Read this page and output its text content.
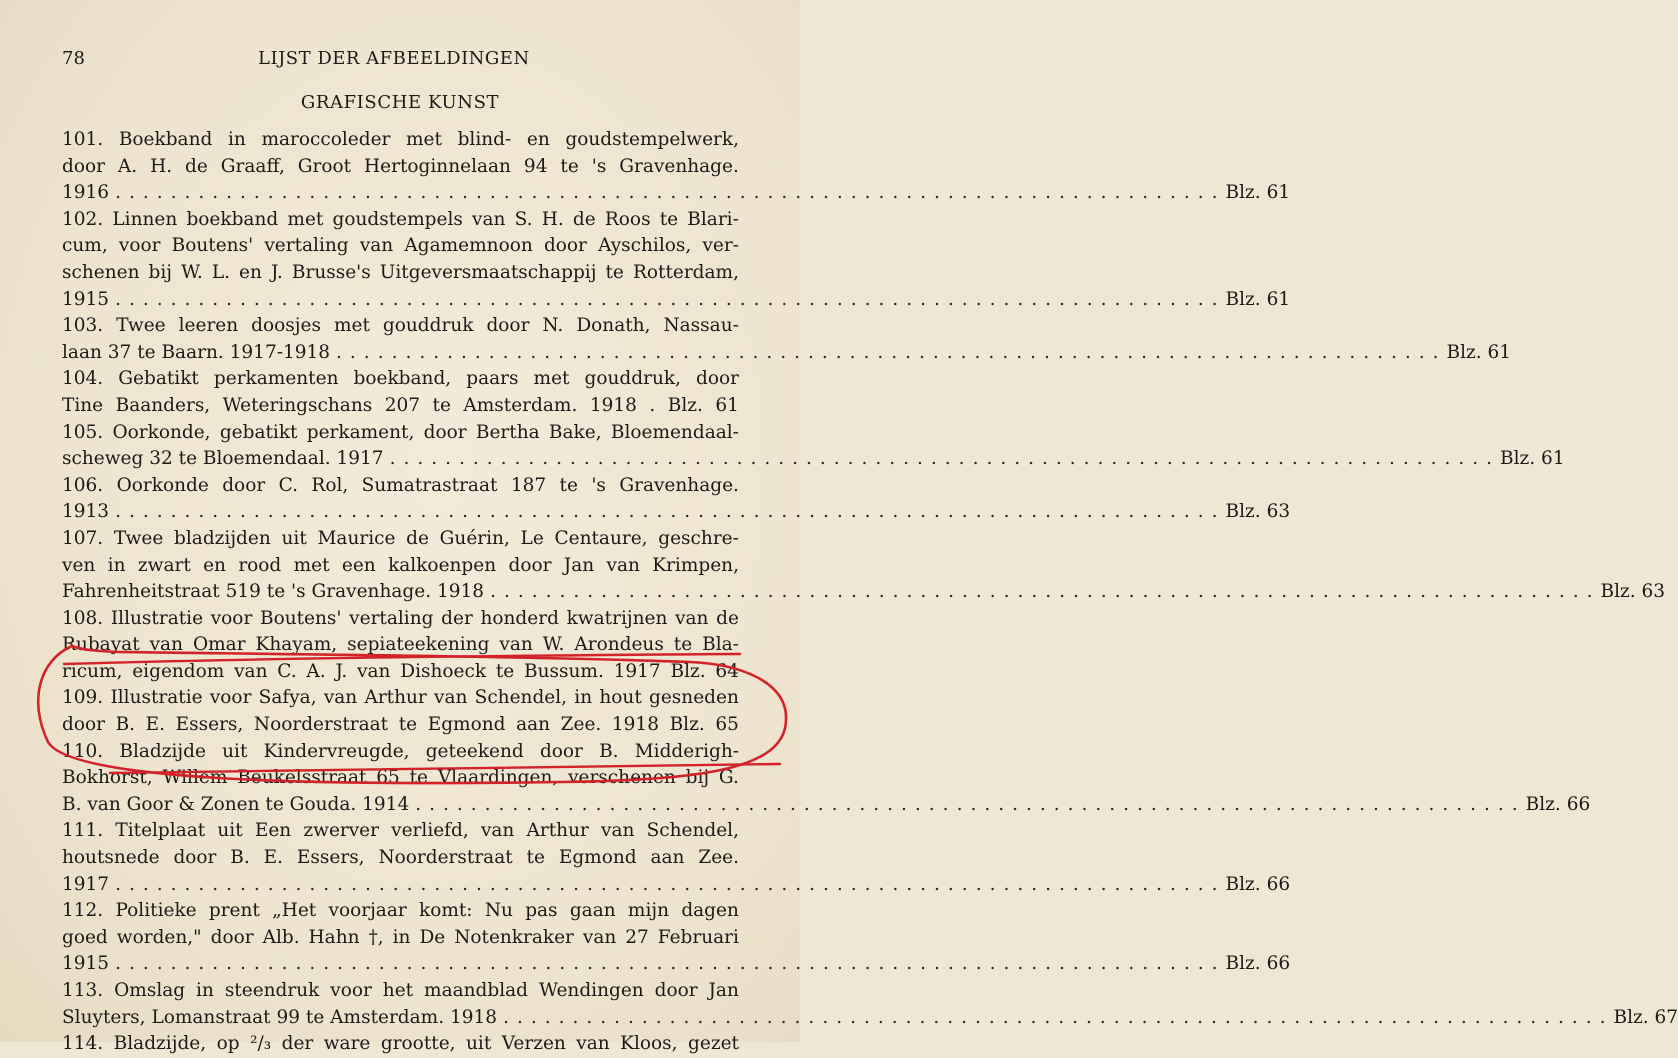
78	LIJST DER AFBEELDINGEN
GRAFISCHE KUNST
101. Boekband in maroccoleder met blind- en goudstempelwerk,
door A. H. de Graaff, Groot Hertoginnelaan 94 te 's Gravenhage.
1916 ................................................................................ Blz. 61
102. Linnen boekband met goudstempels van S. H. de Roos te Blari-
cum, voor Boutens' vertaling van Agamemnoon door Ayschilos, ver-
schenen bij W. L. en J. Brusse's Uitgeversmaatschappij te Rotterdam,
1915 ................................................................................ Blz. 61
103. Twee leeren doosjes met gouddruk door N. Donath, Nassau-
laan 37 te Baarn. 1917-1918 ................................................................................ Blz. 61
104. Gebatikt perkamenten boekband, paars met gouddruk, door
Tine Baanders, Weteringschans 207 te Amsterdam. 1918 . Blz. 61
105. Oorkonde, gebatikt perkament, door Bertha Bake, Bloemendaal-
scheweg 32 te Bloemendaal. 1917 ................................................................................ Blz. 61
106. Oorkonde door C. Rol, Sumatrastraat 187 te 's Gravenhage.
1913 ................................................................................ Blz. 63
107. Twee bladzijden uit Maurice de Guérin, Le Centaure, geschre-
ven in zwart en rood met een kalkoenpen door Jan van Krimpen,
Fahrenheitstraat 519 te 's Gravenhage. 1918 ................................................................................ Blz. 63
108. Illustratie voor Boutens' vertaling der honderd kwatrijnen van de
Rubayat van Omar Khayam, sepiateekening van W. Arondeus te Bla-
ricum, eigendom van C. A. J. van Dishoeck te Bussum. 1917 Blz. 64
109. Illustratie voor Safya, van Arthur van Schendel, in hout gesneden
door B. E. Essers, Noorderstraat te Egmond aan Zee. 1918 Blz. 65
110. Bladzijde uit Kindervreugde, geteekend door B. Midderigh-
Bokhorst, Willem Beukelsstraat 65 te Vlaardingen, verschenen bij G.
B. van Goor & Zonen te Gouda. 1914 ................................................................................ Blz. 66
111. Titelplaat uit Een zwerver verliefd, van Arthur van Schendel,
houtsnede door B. E. Essers, Noorderstraat te Egmond aan Zee.
1917 ................................................................................ Blz. 66
112. Politieke prent „Het voorjaar komt: Nu pas gaan mijn dagen
goed worden," door Alb. Hahn †, in De Notenkraker van 27 Februari
1915 ................................................................................ Blz. 66
113. Omslag in steendruk voor het maandblad Wendingen door Jan
Sluyters, Lomanstraat 99 te Amsterdam. 1918 ................................................................................ Blz. 67
114. Bladzijde, op ²/₃ der ware grootte, uit Verzen van Kloos, gezet
